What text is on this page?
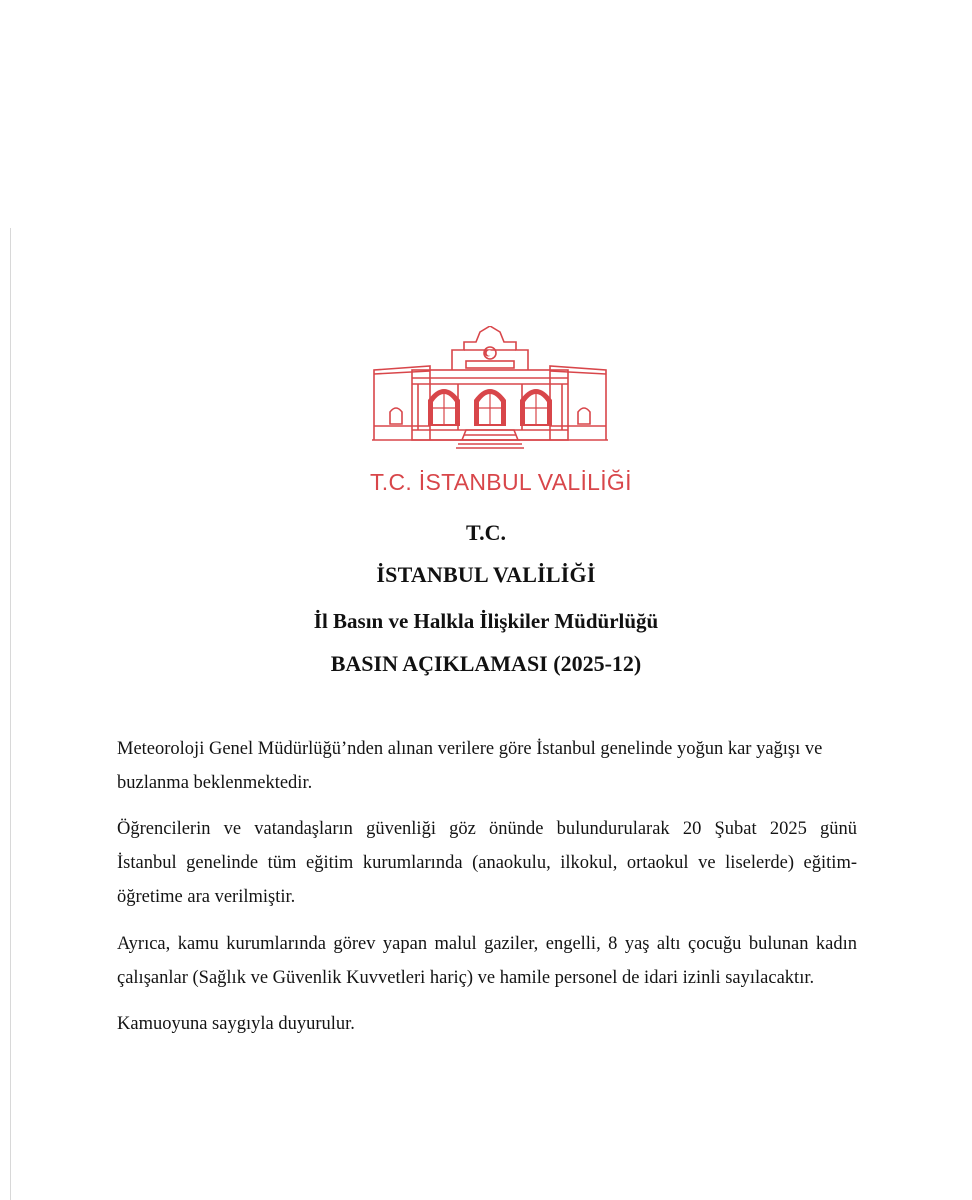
T.C. İSTANBUL VALİLİĞİ
T.C.
İSTANBUL VALİLİĞİ
İl Basın ve Halkla İlişkiler Müdürlüğü
BASIN AÇIKLAMASI (2025-12)
Meteoroloji Genel Müdürlüğü’nden alınan verilere göre İstanbul genelinde yoğun kar yağışı ve
buzlanma beklenmektedir.
Öğrencilerin ve vatandaşların güvenliği göz önünde bulundurularak 20 Şubat 2025 günü
İstanbul genelinde tüm eğitim kurumlarında (anaokulu, ilkokul, ortaokul ve liselerde) eğitim-
öğretime ara verilmiştir.
Ayrıca, kamu kurumlarında görev yapan malul gaziler, engelli, 8 yaş altı çocuğu bulunan kadın
çalışanlar (Sağlık ve Güvenlik Kuvvetleri hariç) ve hamile personel de idari izinli sayılacaktır.
Kamuoyuna saygıyla duyurulur.
